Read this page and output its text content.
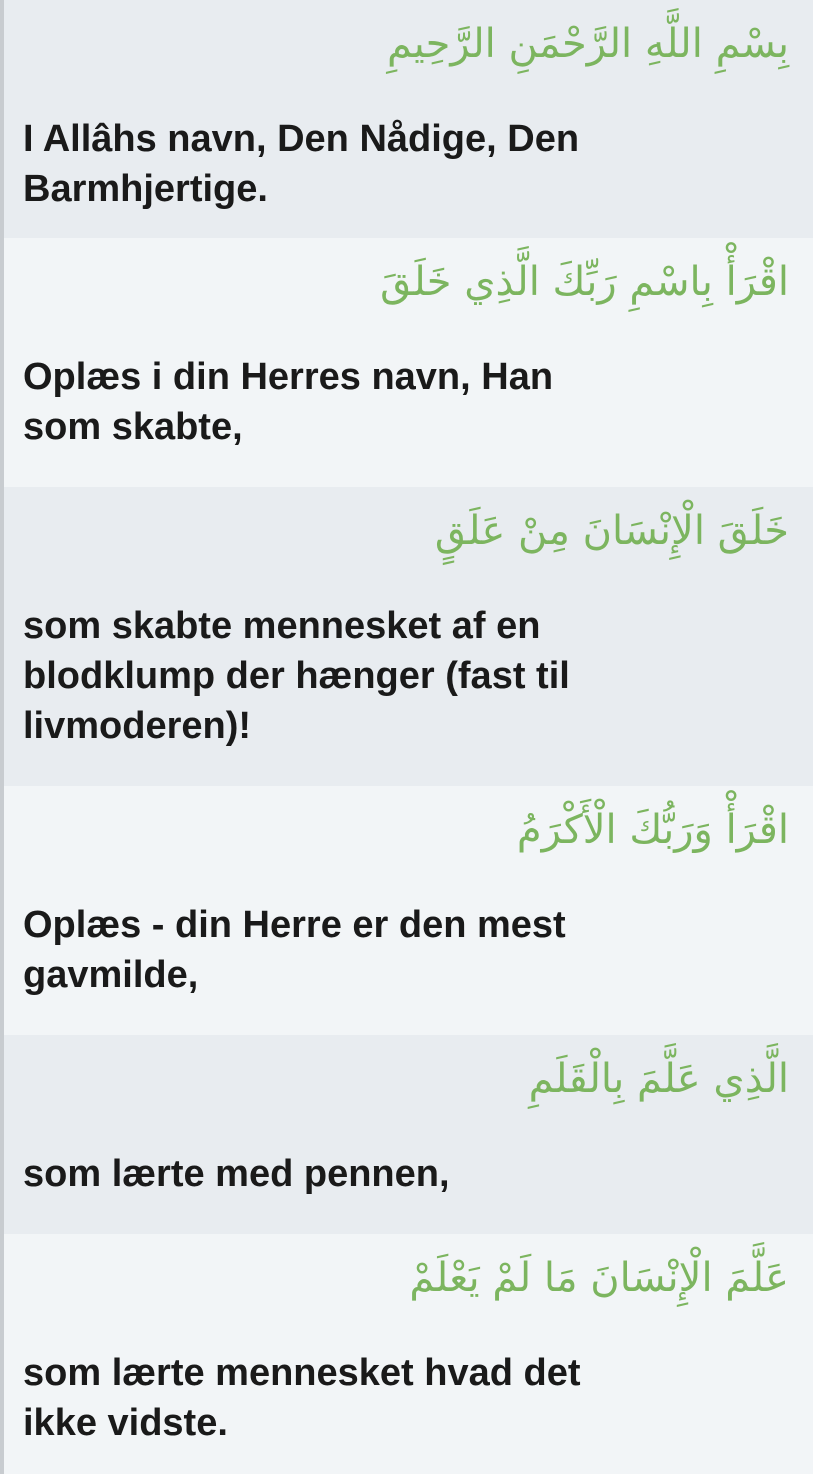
بِسْمِ اللَّهِ الرَّحْمَنِ الرَّحِيمِ
I Allâhs navn, Den Nådige, Den Barmhjertige.
اقْرَأْ بِاسْمِ رَبِّكَ الَّذِي خَلَقَ
Oplæs i din Herres navn, Han som skabte,
خَلَقَ الْإِنْسَانَ مِنْ عَلَقٍ
som skabte mennesket af en blodklump der hænger (fast til livmoderen)!
اقْرَأْ وَرَبُّكَ الْأَكْرَمُ
Oplæs - din Herre er den mest gavmilde,
الَّذِي عَلَّمَ بِالْقَلَمِ
som lærte med pennen,
عَلَّمَ الْإِنْسَانَ مَا لَمْ يَعْلَمْ
som lærte mennesket hvad det ikke vidste.
